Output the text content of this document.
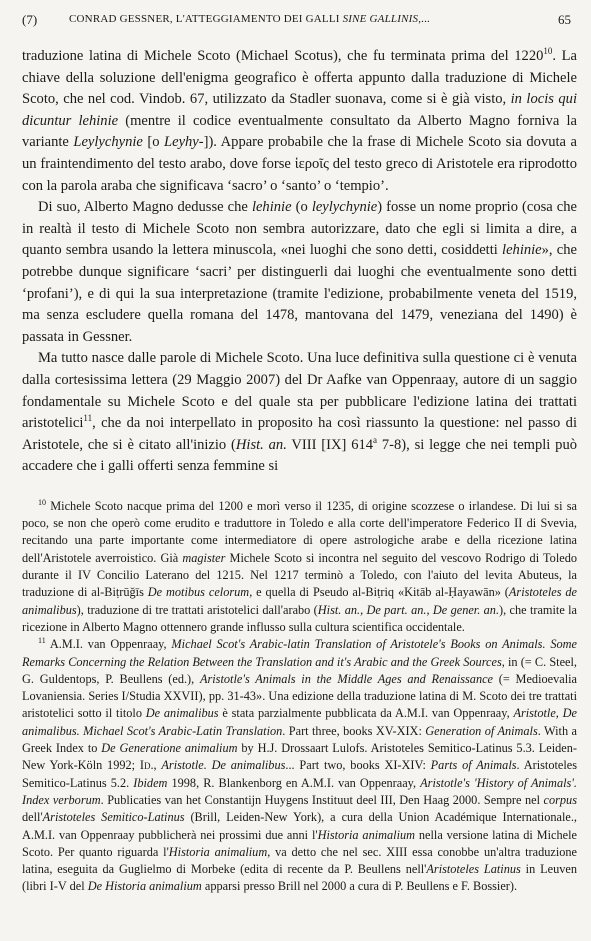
(7)	CONRAD GESSNER, L'ATTEGGIAMENTO DEI GALLI SINE GALLINIS,...	65

traduzione latina di Michele Scoto (Michael Scotus), che fu terminata prima del 1220$^{10}$. La chiave della soluzione dell'enigma geografico è offerta appunto dalla traduzione di Michele Scoto, che nel cod. Vindob. 67, utilizzato da Stadler suonava, come si è già visto, in locis qui dicuntur lehinie (mentre il codice eventualmente consultato da Alberto Magno forniva la variante Leylychynie [o Leyhy-]). Appare probabile che la frase di Michele Scoto sia dovuta a un fraintendimento del testo arabo, dove forse ἱεροῖς del testo greco di Aristotele era riprodotto con la parola araba che significava ‘sacro’ o ‘santo’ o ‘tempio’.

Di suo, Alberto Magno dedusse che lehinie (o leylychynie) fosse un nome proprio (cosa che in realtà il testo di Michele Scoto non sembra autorizzare, dato che egli si limita a dire, a quanto sembra usando la lettera minuscola, «nei luoghi che sono detti, cosiddetti lehinie», che potrebbe dunque significare ‘sacri’ per distinguerli dai luoghi che eventualmente sono detti ‘profani’), e di qui la sua interpretazione (tramite l'edizione, probabilmente veneta del 1519, ma senza escludere quella romana del 1478, mantovana del 1479, veneziana del 1490) è passata in Gessner.

Ma tutto nasce dalle parole di Michele Scoto. Una luce definitiva sulla questione ci è venuta dalla cortesissima lettera (29 Maggio 2007) del Dr Aafke van Oppenraay, autore di un saggio fondamentale su Michele Scoto e del quale sta per pubblicare l'edizione latina dei trattati aristotelici$^{11}$, che da noi interpellato in proposito ha così riassunto la questione: nel passo di Aristotele, che si è citato all'inizio (Hist. an. VIII [IX] 614$^a$ 7-8), si legge che nei templi può accadere che i galli offerti senza femmine si

$^{10}$ Michele Scoto nacque prima del 1200 e morì verso il 1235, di origine scozzese o irlandese. Di lui si sa poco, se non che operò come erudito e traduttore in Toledo e alla corte dell'imperatore Federico II di Svevia, recitando una parte importante come intermediatore di opere astrologiche arabe e della ricezione latina dell'Aristotele averroistico. Già magister Michele Scoto si incontra nel seguito del vescovo Rodrigo di Toledo durante il IV Concilio Laterano del 1215. Nel 1217 terminò a Toledo, con l'aiuto del levita Abuteus, la traduzione di al-Biṭrūǧīs De motibus celorum, e quella di Pseudo al-Biṭriq «Kitāb al-Ḥayawān» (Aristoteles de animalibus), traduzione di tre trattati aristotelici dall'arabo (Hist. an., De part. an., De gener. an.), che tramite la ricezione in Alberto Magno ottennero grande influsso sulla cultura scientifica occidentale.

$^{11}$ A.M.I. van Oppenraay, Michael Scot's Arabic-latin Translation of Aristotele's Books on Animals. Some Remarks Concerning the Relation Between the Translation and it's Arabic and the Greek Sources, in (= C. Steel, G. Guldentops, P. Beullens (ed.), Aristotle's Animals in the Middle Ages and Renaissance (= Medioevalia Lovaniensia. Series I/Studia XXVII), pp. 31-43». Una edizione della traduzione latina di M. Scoto dei tre trattati aristotelici sotto il titolo De animalibus è stata parzialmente pubblicata da A.M.I. van Oppenraay, Aristotle, De animalibus. Michael Scot's Arabic-Latin Translation. Part three, books XV-XIX: Generation of Animals. With a Greek Index to De Generatione animalium by H.J. Drossaart Lulofs. Aristoteles Semitico-Latinus 5.3. Leiden-New York-Köln 1992; Id., Aristotle. De animalibus... Part two, books XI-XIV: Parts of Animals. Aristoteles Semitico-Latinus 5.2. Ibidem 1998, R. Blankenborg en A.M.I. van Oppenraay, Aristotle's 'History of Animals'. Index verborum. Publicaties van het Constantijn Huygens Instituut deel III, Den Haag 2000. Sempre nel corpus dell'Aristoteles Semitico-Latinus (Brill, Leiden-New York), a cura della Union Académique Internationale., A.M.I. van Oppenraay pubblicherà nei prossimi due anni l'Historia animalium nella versione latina di Michele Scoto. Per quanto riguarda l'Historia animalium, va detto che nel sec. XIII essa conobbe un'altra traduzione latina, eseguita da Guglielmo di Morbeke (edita di recente da P. Beullens nell'Aristoteles Latinus in Leuven (libri I-V del De Historia animalium apparsi presso Brill nel 2000 a cura di P. Beullens e F. Bossier).
